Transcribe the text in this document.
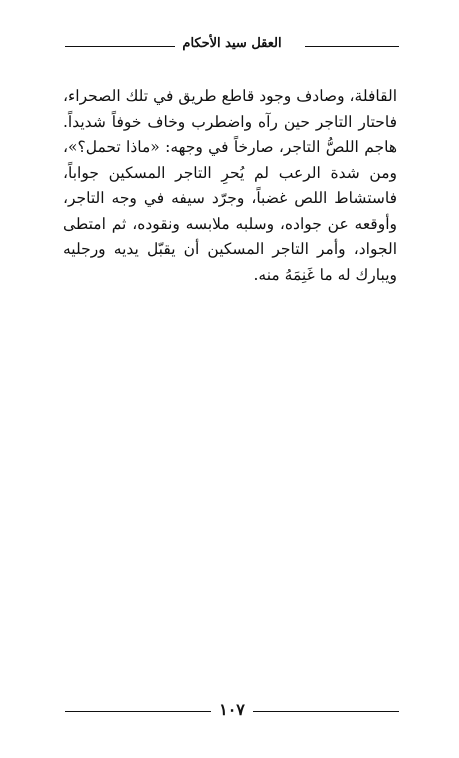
العقل سيد الأحكام

القافلة، وصادف وجود قاطع طريق في تلك الصحراء، فاحتار التاجر حين رآه واضطرب وخاف خوفاً شديداً. هاجم اللصُّ التاجر، صارخاً في وجهه: «ماذا تحمل؟»، ومن شدة الرعب لم يُحرِ التاجر المسكين جواباً، فاستشاط اللص غضباً، وجرّد سيفه في وجه التاجر، وأوقعه عن جواده، وسلبه ملابسه ونقوده، ثم امتطى الجواد، وأمر التاجر المسكين أن يقبّل يديه ورجليه ويبارك له ما غَنِمَهُ منه.

١٠٧
